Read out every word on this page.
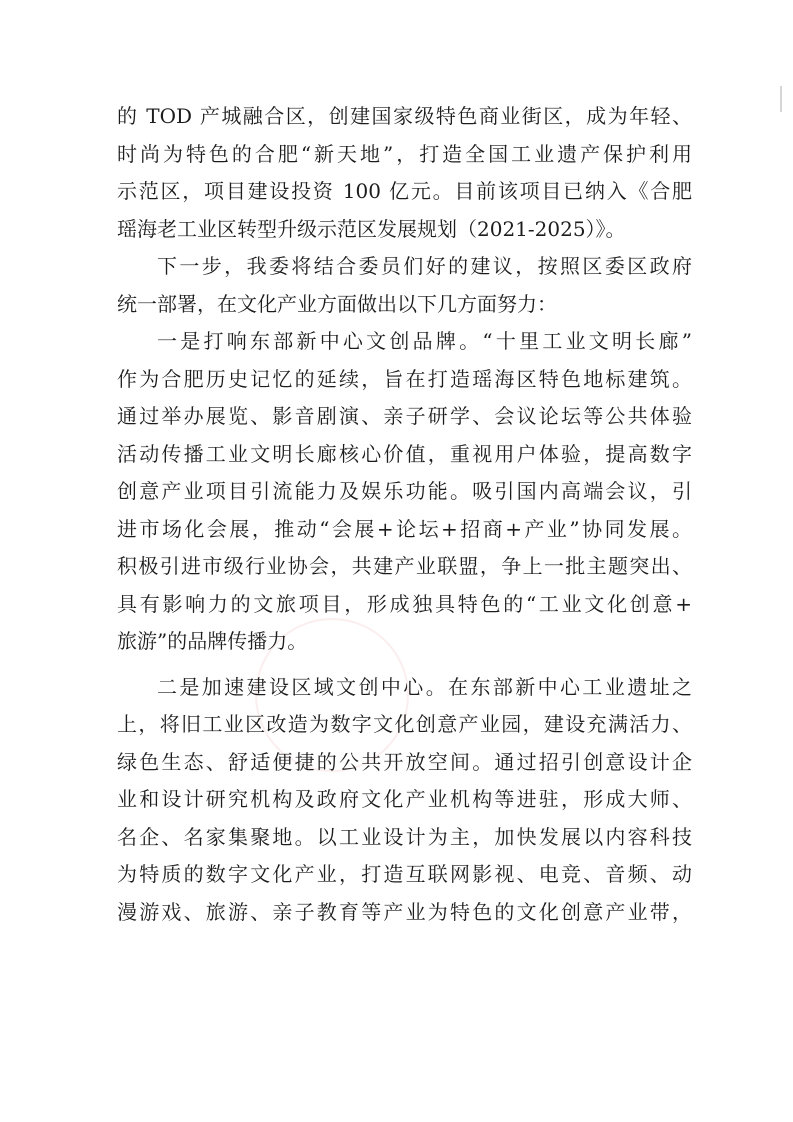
的 TOD 产城融合区，创建国家级特色商业街区，成为年轻、
时尚为特色的合肥“新天地”，打造全国工业遗产保护利用
示范区，项目建设投资 100 亿元。目前该项目已纳入《合肥
瑶海老工业区转型升级示范区发展规划（2021-2025）》。

下一步，我委将结合委员们好的建议，按照区委区政府
统一部署，在文化产业方面做出以下几方面努力：

一是打响东部新中心文创品牌。“十里工业文明长廊”
作为合肥历史记忆的延续，旨在打造瑶海区特色地标建筑。
通过举办展览、影音剧演、亲子研学、会议论坛等公共体验
活动传播工业文明长廊核心价值，重视用户体验，提高数字
创意产业项目引流能力及娱乐功能。吸引国内高端会议，引
进市场化会展，推动“会展+论坛+招商+产业”协同发展。
积极引进市级行业协会，共建产业联盟，争上一批主题突出、
具有影响力的文旅项目，形成独具特色的“工业文化创意+
旅游”的品牌传播力。

二是加速建设区域文创中心。在东部新中心工业遗址之
上，将旧工业区改造为数字文化创意产业园，建设充满活力、
绿色生态、舒适便捷的公共开放空间。通过招引创意设计企
业和设计研究机构及政府文化产业机构等进驻，形成大师、
名企、名家集聚地。以工业设计为主，加快发展以内容科技
为特质的数字文化产业，打造互联网影视、电竞、音频、动
漫游戏、旅游、亲子教育等产业为特色的文化创意产业带，
